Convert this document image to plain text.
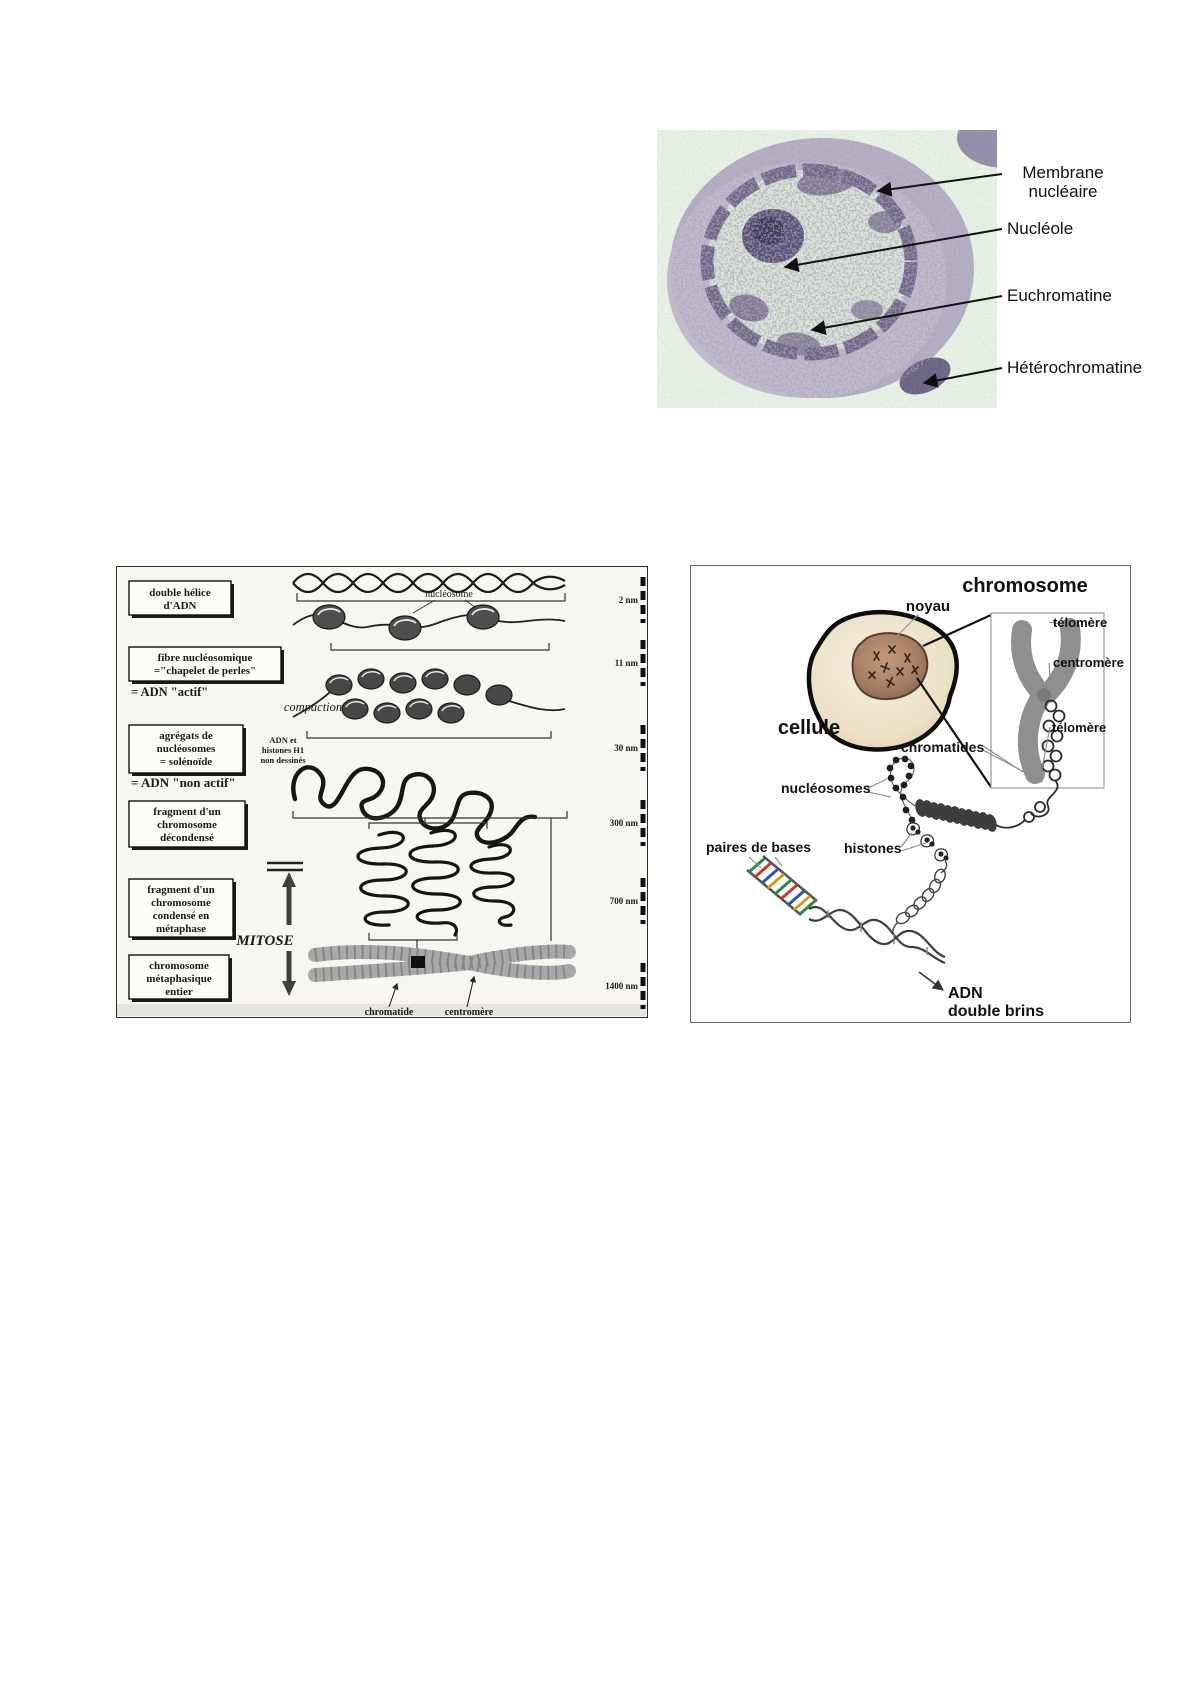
Membrane
nucléaire
Nucléole
Euchromatine
Hétérochromatine
double hélice
d'ADN
fibre nucléosomique
="chapelet de perles"
= ADN "actif"
agrégats de
nucléosomes
= solénoïde
= ADN "non actif"
fragment d'un
chromosome
décondensé
fragment d'un
chromosome
condensé en
métaphase
chromosome
métaphasique
entier
compaction
ADN et
histones H1
non dessinés
nucléosome
MITOSE
chromatide	centromère
2 nm
11 nm
30 nm
300 nm
700 nm
1400 nm
chromosome
noyau
cellule
télomère
centromère
télomère
chromatides
nucléosomes
histones
paires de bases
ADN
double brins
